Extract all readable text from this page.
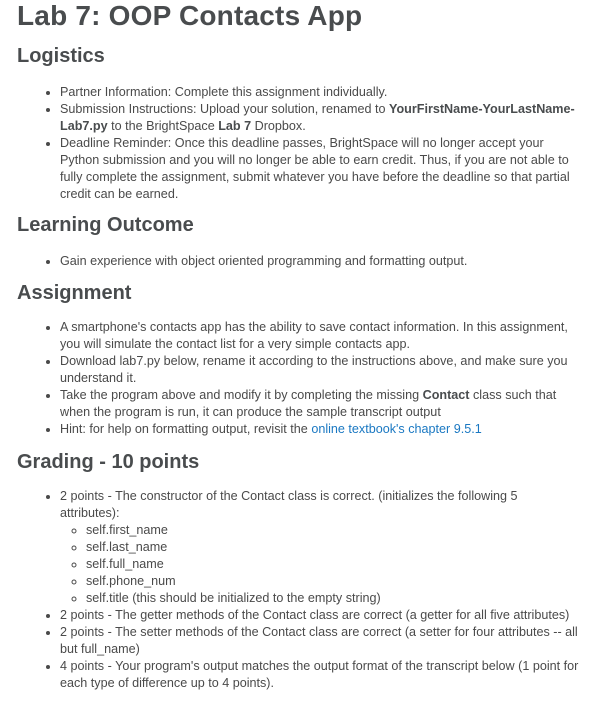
Lab 7: OOP Contacts App
Logistics
• Partner Information: Complete this assignment individually.
• Submission Instructions: Upload your solution, renamed to YourFirstName-YourLastName-Lab7.py to the BrightSpace Lab 7 Dropbox.
• Deadline Reminder: Once this deadline passes, BrightSpace will no longer accept your Python submission and you will no longer be able to earn credit. Thus, if you are not able to fully complete the assignment, submit whatever you have before the deadline so that partial credit can be earned.
Learning Outcome
• Gain experience with object oriented programming and formatting output.
Assignment
• A smartphone's contacts app has the ability to save contact information. In this assignment, you will simulate the contact list for a very simple contacts app.
• Download lab7.py below, rename it according to the instructions above, and make sure you understand it.
• Take the program above and modify it by completing the missing Contact class such that when the program is run, it can produce the sample transcript output
• Hint: for help on formatting output, revisit the online textbook's chapter 9.5.1
Grading - 10 points
• 2 points - The constructor of the Contact class is correct. (initializes the following 5 attributes):
◦ self.first_name
◦ self.last_name
◦ self.full_name
◦ self.phone_num
◦ self.title (this should be initialized to the empty string)
• 2 points - The getter methods of the Contact class are correct (a getter for all five attributes)
• 2 points - The setter methods of the Contact class are correct (a setter for four attributes -- all but full_name)
• 4 points - Your program's output matches the output format of the transcript below (1 point for each type of difference up to 4 points).
